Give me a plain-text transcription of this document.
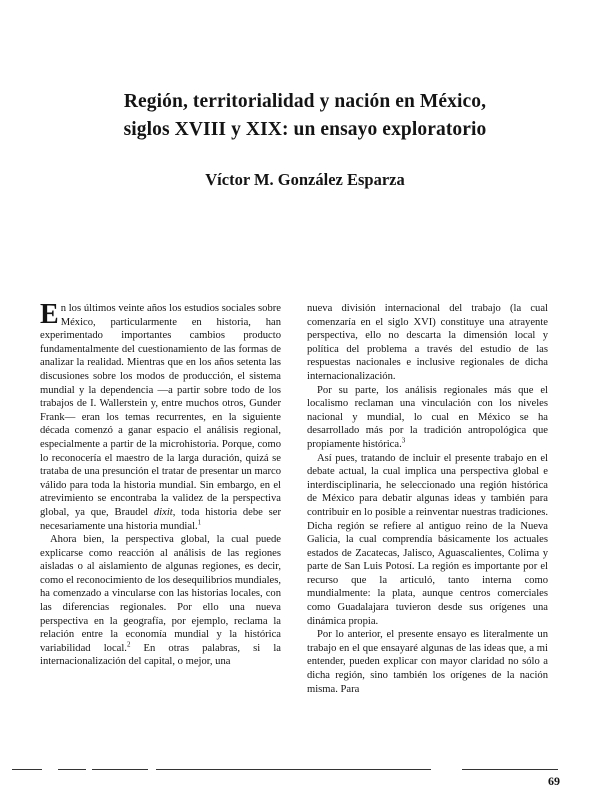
Región, territorialidad y nación en México,
siglos XVIII y XIX: un ensayo exploratorio
Víctor M. González Esparza

En los últimos veinte años los estudios sociales sobre México, particularmente en historia, han experimentado importantes cambios producto fundamentalmente del cuestionamiento de las formas de analizar la realidad. Mientras que en los años setenta las discusiones sobre los modos de producción, el sistema mundial y la dependencia —a partir sobre todo de los trabajos de I. Wallerstein y, entre muchos otros, Gunder Frank— eran los temas recurrentes, en la siguiente década comenzó a ganar espacio el análisis regional, especialmente a partir de la microhistoria. Porque, como lo reconocería el maestro de la larga duración, quizá se trataba de una presunción el tratar de presentar un marco válido para toda la historia mundial. Sin embargo, en el atrevimiento se encontraba la validez de la perspectiva global, ya que, Braudel dixit, toda historia debe ser necesariamente una historia mundial.$^1$

Ahora bien, la perspectiva global, la cual puede explicarse como reacción al análisis de las regiones aisladas o al aislamiento de algunas regiones, es decir, como el reconocimiento de los desequilibrios mundiales, ha comenzado a vincularse con las historias locales, con las diferencias regionales. Por ello una nueva perspectiva en la geografía, por ejemplo, reclama la relación entre la economía mundial y la histórica variabilidad local.$^2$ En otras palabras, si la internacionalización del capital, o mejor, una

nueva división internacional del trabajo (la cual comenzaría en el siglo XVI) constituye una atrayente perspectiva, ello no descarta la dimensión local y política del problema a través del estudio de las respuestas nacionales e inclusive regionales de dicha internacionalización.

Por su parte, los análisis regionales más que el localismo reclaman una vinculación con los niveles nacional y mundial, lo cual en México se ha desarrollado más por la tradición antropológica que propiamente histórica.$^3$

Así pues, tratando de incluir el presente trabajo en el debate actual, la cual implica una perspectiva global e interdisciplinaria, he seleccionado una región histórica de México para debatir algunas ideas y también para contribuir en lo posible a reinventar nuestras tradiciones. Dicha región se refiere al antiguo reino de la Nueva Galicia, la cual comprendía básicamente los actuales estados de Zacatecas, Jalisco, Aguascalientes, Colima y parte de San Luis Potosí. La región es importante por el recurso que la articuló, tanto interna como mundialmente: la plata, aunque centros comerciales como Guadalajara tuvieron desde sus orígenes una dinámica propia.

Por lo anterior, el presente ensayo es literalmente un trabajo en el que ensayaré algunas de las ideas que, a mi entender, pueden explicar con mayor claridad no sólo a dicha región, sino también los orígenes de la nación misma. Para

69
